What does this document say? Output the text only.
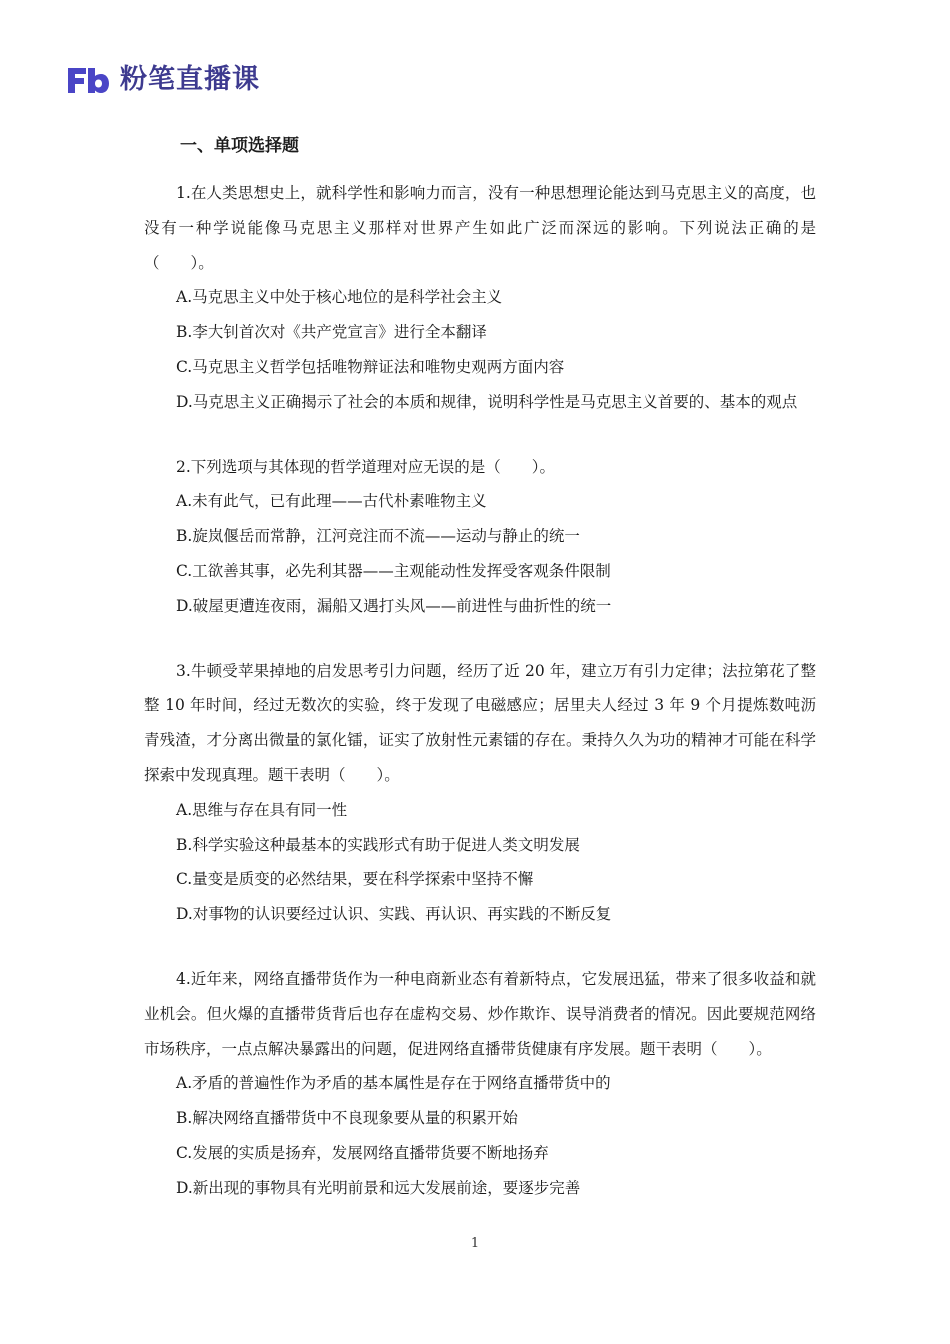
粉笔直播课
一、单项选择题

1.在人类思想史上，就科学性和影响力而言，没有一种思想理论能达到马克思主义的高度，也没有一种学说能像马克思主义那样对世界产生如此广泛而深远的影响。下列说法正确的是（　　）。

A.马克思主义中处于核心地位的是科学社会主义

B.李大钊首次对《共产党宣言》进行全本翻译

C.马克思主义哲学包括唯物辩证法和唯物史观两方面内容

D.马克思主义正确揭示了社会的本质和规律，说明科学性是马克思主义首要的、基本的观点

2.下列选项与其体现的哲学道理对应无误的是（　　）。

A.未有此气，已有此理——古代朴素唯物主义

B.旋岚偃岳而常静，江河竞注而不流——运动与静止的统一

C.工欲善其事，必先利其器——主观能动性发挥受客观条件限制

D.破屋更遭连夜雨，漏船又遇打头风——前进性与曲折性的统一

3.牛顿受苹果掉地的启发思考引力问题，经历了近 20 年，建立万有引力定律；法拉第花了整整 10 年时间，经过无数次的实验，终于发现了电磁感应；居里夫人经过 3 年 9 个月提炼数吨沥青残渣，才分离出微量的氯化镭，证实了放射性元素镭的存在。秉持久久为功的精神才可能在科学探索中发现真理。题干表明（　　）。

A.思维与存在具有同一性

B.科学实验这种最基本的实践形式有助于促进人类文明发展

C.量变是质变的必然结果，要在科学探索中坚持不懈

D.对事物的认识要经过认识、实践、再认识、再实践的不断反复

4.近年来，网络直播带货作为一种电商新业态有着新特点，它发展迅猛，带来了很多收益和就业机会。但火爆的直播带货背后也存在虚构交易、炒作欺诈、误导消费者的情况。因此要规范网络市场秩序，一点点解决暴露出的问题，促进网络直播带货健康有序发展。题干表明（　　）。

A.矛盾的普遍性作为矛盾的基本属性是存在于网络直播带货中的

B.解决网络直播带货中不良现象要从量的积累开始

C.发展的实质是扬弃，发展网络直播带货要不断地扬弃

D.新出现的事物具有光明前景和远大发展前途，要逐步完善

1
